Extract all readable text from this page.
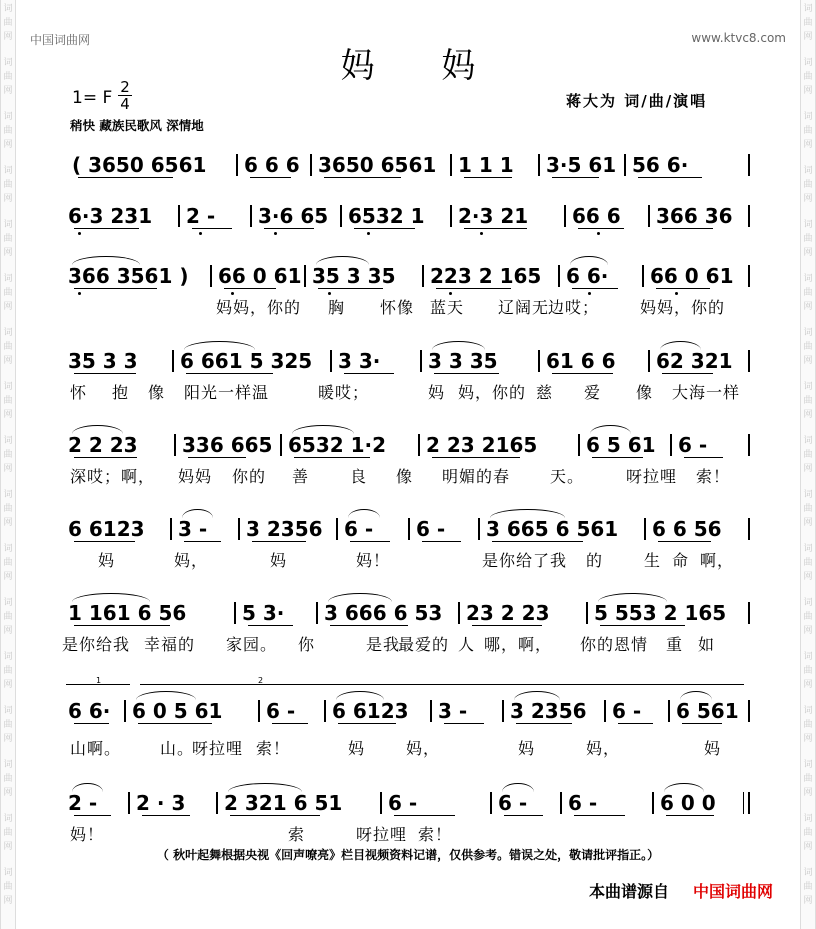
词
曲
网
词
曲
网
词
曲
网
词
曲
网
词
曲
网
词
曲
网
词
曲
网
词
曲
网
词
曲
网
词
曲
网
词
曲
网
词
曲
网
词
曲
网
词
曲
网
词
曲
网
词
曲
网
词
曲
网
词
曲
网
词
曲
网
词
曲
网
词
曲
网
词
曲
网
词
曲
网
词
曲
网
词
曲
网
词
曲
网
词
曲
网
词
曲
网
词
曲
网
词
曲
网
词
曲
网
词
曲
网
词
曲
网
词
曲
网
中国词曲网	www.ktvc8.com
妈 妈
1= F
2
4	蒋大为 词/曲/演唱
稍快 藏族民歌风 深情地
( 3650 6561 6 6 6 3650 6561 1 1 1 3·5 61 56 6·
6·3 231 2 - 3·6 65 6532 1 2·3 21 66 6 366 36
366 3561 ) 66 0 61 35 3 35 223 2 165 6 6· 66 0 61
妈妈，你的 胸 怀像 蓝天 辽阔无
边哎；	妈妈，你的
35 3 3 6 661 5 325 3 3· 3 3 35 61 6 6 62 321
怀 抱 像 阳光一样温	暖哎；	妈 妈，你的 慈 爱 像 大海一样
2 2 23 336 665 6532 1·2 2 23 2165 6 5 61 6 -
深哎；啊， 妈妈 你的 善	良 像 明媚的春 天。	呀拉哩 索！
6 6123 3 - 3 2356 6 - 6 - 3 665 6 561 6 6 56
妈	妈，	妈	妈！	是你给了我 的	生 命 啊，
1 161 6 56	5 3· 3 666 6 53 23 2 23 5 553 2 165
是你给我 幸福的 家园。 你	是我
最爱的 人 哪，啊， 你的恩情 重 如
6 6· 6 0 5 61 6 - 6 6123 3 - 3 2356 6 - 6 561
1	2
山啊。 山。
呀拉哩 索！	妈	妈，	妈	妈，	妈
2 - 2 · 3 2 321 6 51 6 -	6 - 6 -	6 0 0
妈！	索	呀拉哩 索！
（ 秋叶起舞根据央视《回声嘹亮》栏目视频资料记谱，仅供参考。错误之处，敬请批评指正。）
本曲谱源自 中国词曲网
